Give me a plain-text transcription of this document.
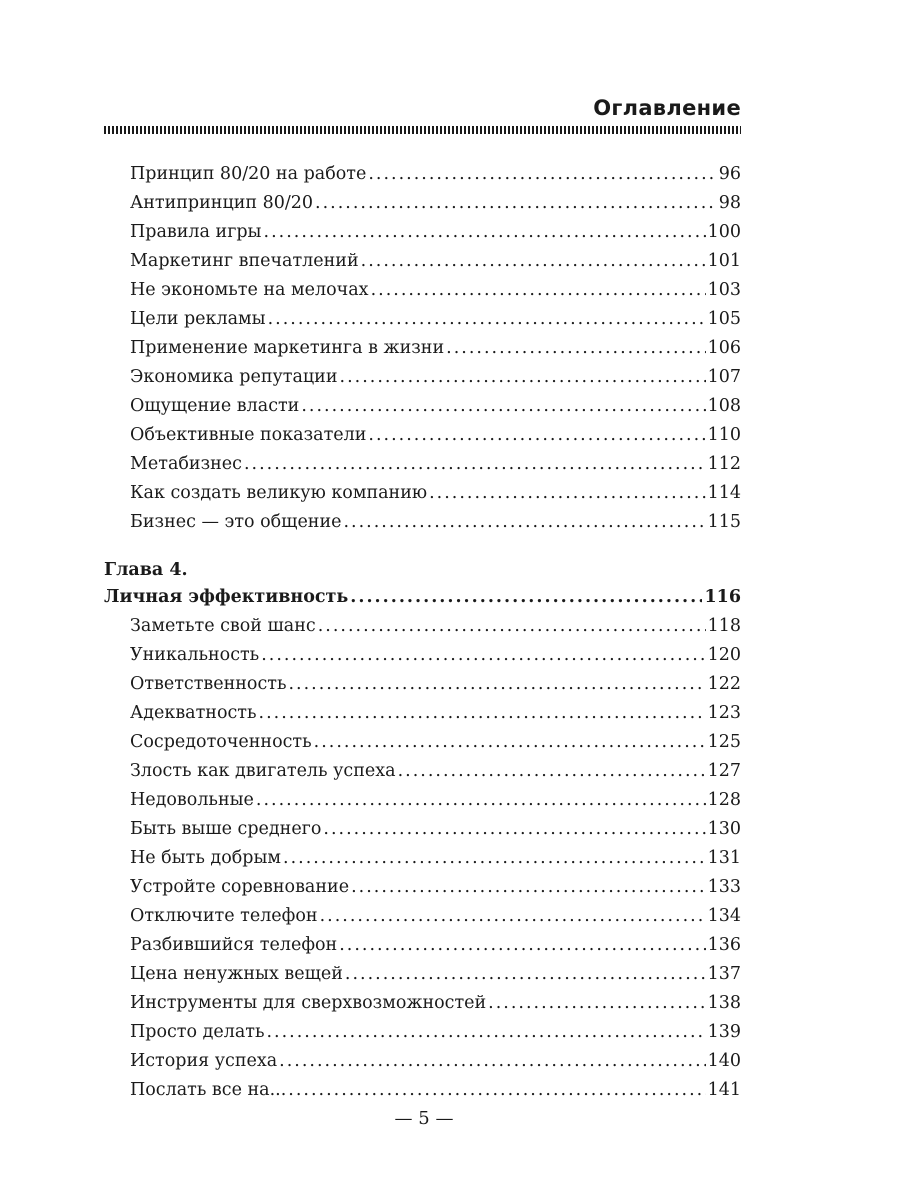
Оглавление
Принцип 80/20 на работе .....	96
Антипринцип 80/20 .....	98
Правила игры .....	100
Маркетинг впечатлений .....	101
Не экономьте на мелочах .....	103
Цели рекламы .....	105
Применение маркетинга в жизни .....	106
Экономика репутации .....	107
Ощущение власти .....	108
Объективные показатели .....	110
Метабизнес .....	112
Как создать великую компанию .....	114
Бизнес — это общение .....	115
Глава 4.
Личная эффективность .....	116
Заметьте свой шанс .....	118
Уникальность .....	120
Ответственность .....	122
Адекватность .....	123
Сосредоточенность .....	125
Злость как двигатель успеха .....	127
Недовольные .....	128
Быть выше среднего .....	130
Не быть добрым .....	131
Устройте соревнование .....	133
Отключите телефон .....	134
Разбившийся телефон .....	136
Цена ненужных вещей .....	137
Инструменты для сверхвозможностей .....	138
Просто делать .....	139
История успеха .....	140
Послать все на... .....	141
— 5 —
